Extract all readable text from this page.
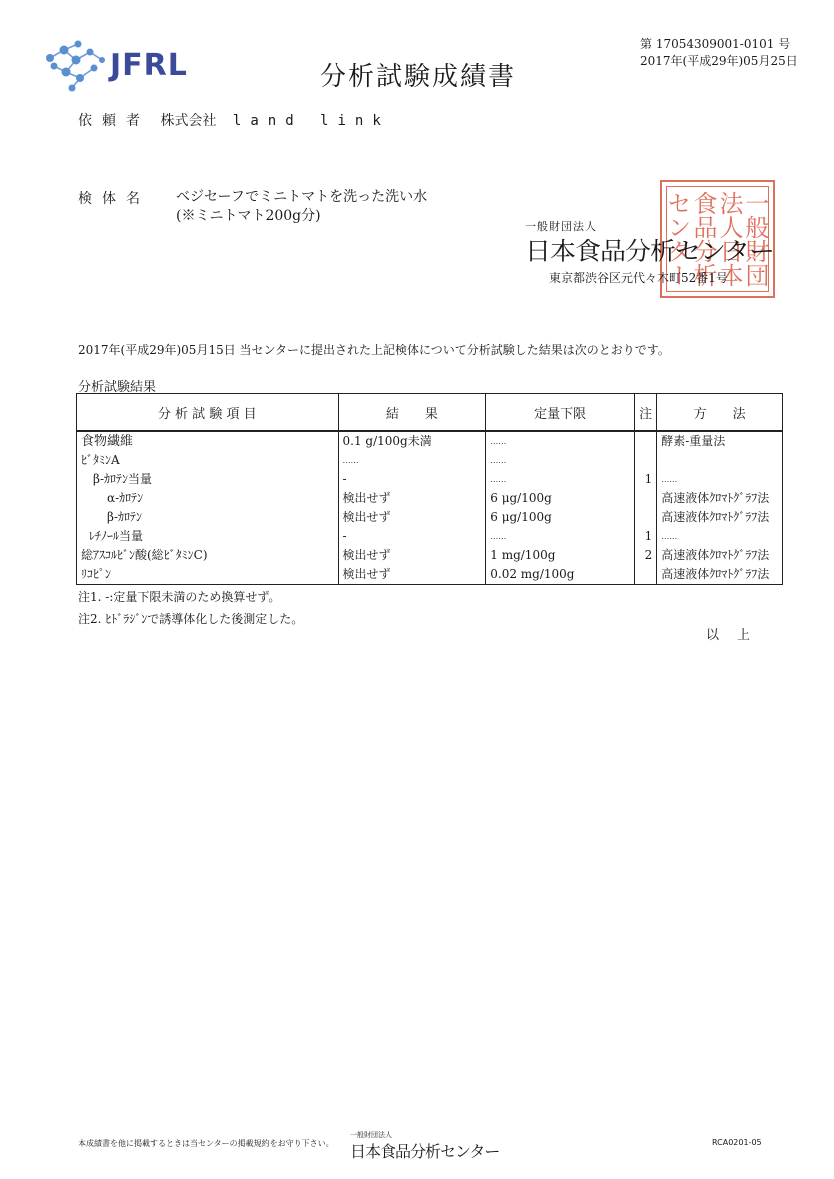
JFRL	分析試験成績書
第 17054309001-0101 号
2017年(平成29年)05月25日
依頼者 株式会社 land link
検体名 ベジセーフでミニトマトを洗った洗い水
(※ミニトマト200g分)	一般財団法人日本食品分析センター
一般財団法人
日本食品分析センター
東京都渋谷区元代々木町52番1号
2017年(平成29年)05月15日 当センターに提出された上記検体について分析試験した結果は次のとおりです。
分析試験結果
分 析 試 験 項 目	結　　果	定量下限	注	方　　法
食物繊維	0.1 g/100g未満	……		酵素-重量法
ﾋﾞﾀﾐﾝA	……	……		
β-ｶﾛﾃﾝ当量	-	……	1	……
α-ｶﾛﾃﾝ	検出せず	6 μg/100g		高速液体ｸﾛﾏﾄｸﾞﾗﾌ法
β-ｶﾛﾃﾝ	検出せず	6 μg/100g		高速液体ｸﾛﾏﾄｸﾞﾗﾌ法
ﾚﾁﾉｰﾙ当量	-	……	1	……
総ｱｽｺﾙﾋﾞﾝ酸(総ﾋﾞﾀﾐﾝC)	検出せず	1 mg/100g	2	高速液体ｸﾛﾏﾄｸﾞﾗﾌ法
ﾘｺﾋﾟﾝ	検出せず	0.02 mg/100g		高速液体ｸﾛﾏﾄｸﾞﾗﾌ法
注1. -:定量下限未満のため換算せず。
注2. ﾋﾄﾞﾗｼﾞﾝで誘導体化した後測定した。
以上
本成績書を他に掲載するときは当センターの掲載規約をお守り下さい。
一般財団法人
日本食品分析センター	RCA0201-05
